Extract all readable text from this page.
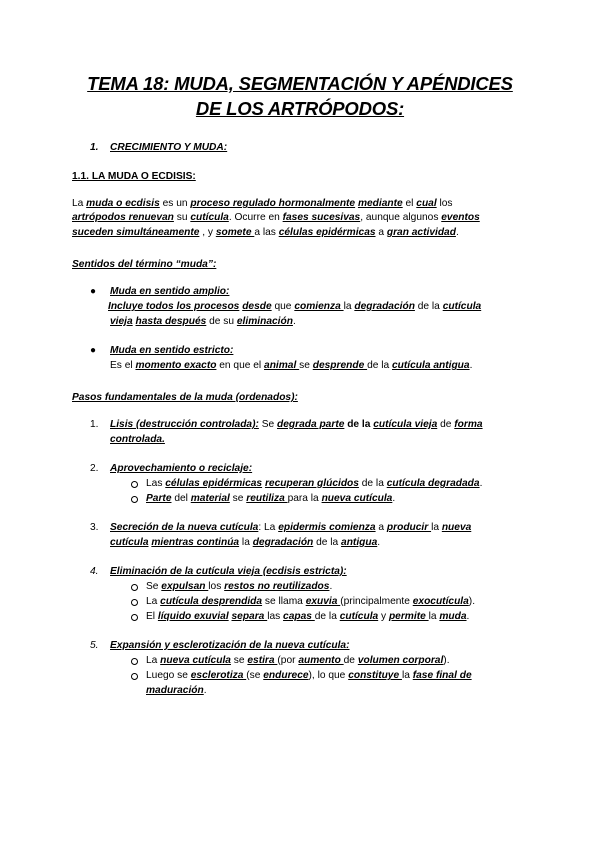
TEMA 18: MUDA, SEGMENTACIÓN Y APÉNDICES
DE LOS ARTRÓPODOS:
1. CRECIMIENTO Y MUDA:
1.1. LA MUDA O ECDISIS:
La muda o ecdisis es un proceso regulado hormonalmente mediante el cual los
artrópodos renuevan su cutícula. Ocurre en fases sucesivas, aunque algunos eventos
suceden simultáneamente , y somete a las células epidérmicas a gran actividad.
Sentidos del término “muda”:
● Muda en sentido amplio:
Incluye todos los procesos desde que comienza la degradación de la cutícula
vieja hasta después de su eliminación.
● Muda en sentido estricto:
Es el momento exacto en que el animal se desprende de la cutícula antigua.
Pasos fundamentales de la muda (ordenados):
1. Lisis (destrucción controlada): Se degrada parte de la cutícula vieja de forma
controlada.
2. Aprovechamiento o reciclaje:
Las células epidérmicas recuperan glúcidos de la cutícula degradada.
Parte del material se reutiliza para la nueva cutícula.
3. Secreción de la nueva cutícula: La epidermis comienza a producir la nueva
cutícula mientras continúa la degradación de la antigua.
4. Eliminación de la cutícula vieja (ecdisis estricta):
Se expulsan los restos no reutilizados.
La cutícula desprendida se llama exuvia (principalmente exocutícula).
El líquido exuvial separa las capas de la cutícula y permite la muda.
5. Expansión y esclerotización de la nueva cutícula:
La nueva cutícula se estira (por aumento de volumen corporal).
Luego se esclerotiza (se endurece), lo que constituye la fase final de
maduración.
